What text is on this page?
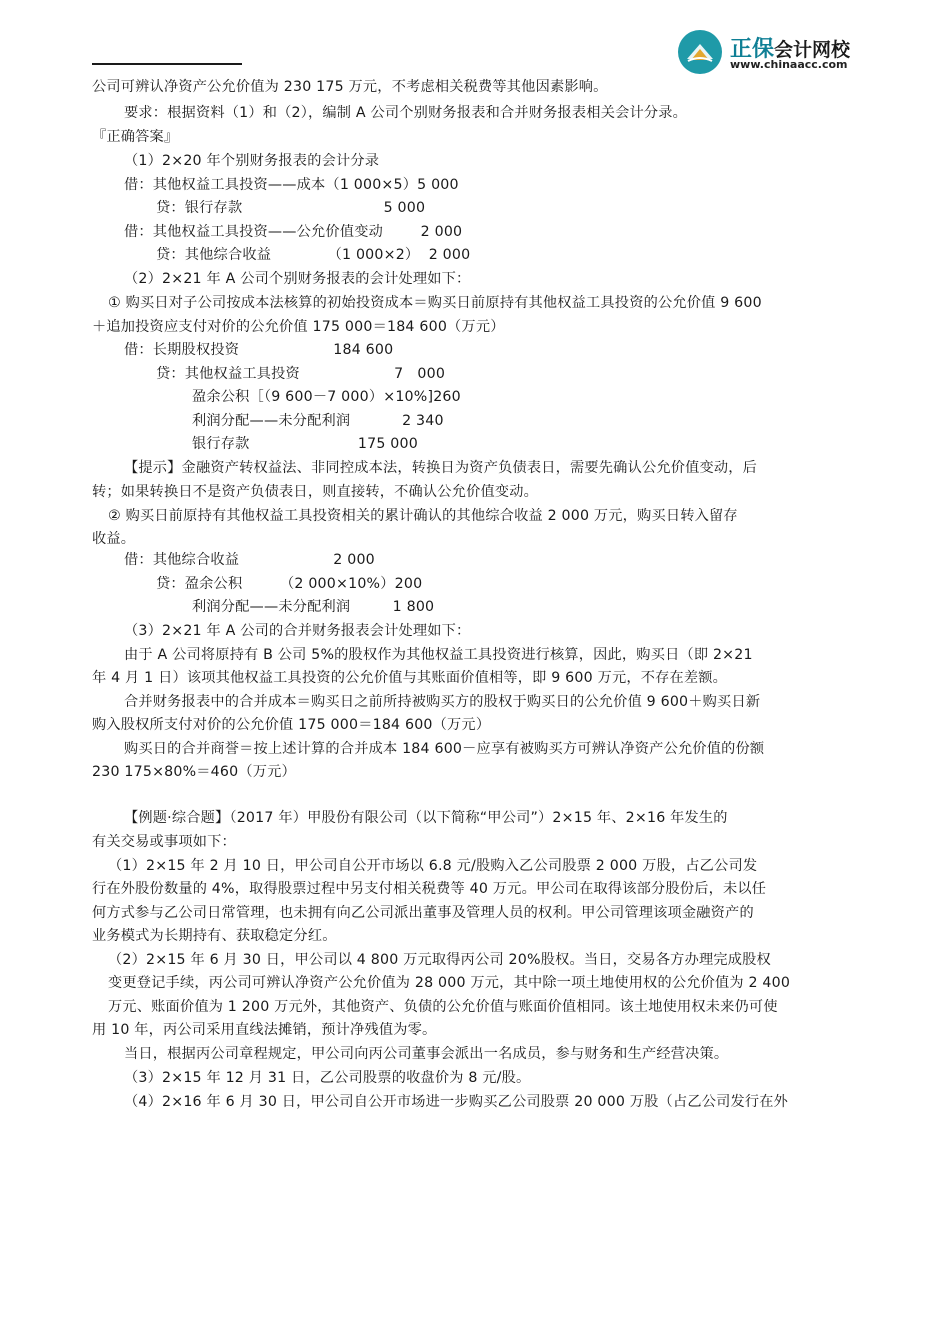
正保会计网校
www.chinaacc.com
公司可辨认净资产公允价值为 230 175 万元，不考虑相关税费等其他因素影响。
要求：根据资料（1）和（2），编制 A 公司个别财务报表和合并财务报表相关会计分录。
『正确答案』
（1）2×20 年个别财务报表的会计分录
借：其他权益工具投资——成本（1 000×5）5 000
贷：银行存款                              5 000
借：其他权益工具投资——公允价值变动        2 000
贷：其他综合收益            （1 000×2）  2 000
（2）2×21 年 A 公司个别财务报表的会计处理如下：
① 购买日对子公司按成本法核算的初始投资成本＝购买日前原持有其他权益工具投资的公允价值 9 600
＋追加投资应支付对价的公允价值 175 000＝184 600（万元）
借：长期股权投资                    184 600
贷：其他权益工具投资                    7   000
盈余公积［（9 600－7 000）×10%]260
利润分配——未分配利润           2 340
银行存款                       175 000
【提示】金融资产转权益法、非同控成本法，转换日为资产负债表日，需要先确认公允价值变动，后
转；如果转换日不是资产负债表日，则直接转，不确认公允价值变动。
② 购买日前原持有其他权益工具投资相关的累计确认的其他综合收益 2 000 万元，购买日转入留存
收益。
借：其他综合收益                    2 000
贷：盈余公积        （2 000×10%）200
利润分配——未分配利润         1 800
（3）2×21 年 A 公司的合并财务报表会计处理如下：
由于 A 公司将原持有 B 公司 5%的股权作为其他权益工具投资进行核算，因此，购买日（即 2×21
年 4 月 1 日）该项其他权益工具投资的公允价值与其账面价值相等，即 9 600 万元，不存在差额。
合并财务报表中的合并成本＝购买日之前所持被购买方的股权于购买日的公允价值 9 600＋购买日新
购入股权所支付对价的公允价值 175 000＝184 600（万元）
购买日的合并商誉＝按上述计算的合并成本 184 600－应享有被购买方可辨认净资产公允价值的份额
230 175×80%＝460（万元）
【例题·综合题】（2017 年）甲股份有限公司（以下简称“甲公司”）2×15 年、2×16 年发生的
有关交易或事项如下：
（1）2×15 年 2 月 10 日，甲公司自公开市场以 6.8 元/股购入乙公司股票 2 000 万股，占乙公司发
行在外股份数量的 4%，取得股票过程中另支付相关税费等 40 万元。甲公司在取得该部分股份后，未以任
何方式参与乙公司日常管理，也未拥有向乙公司派出董事及管理人员的权利。甲公司管理该项金融资产的
业务模式为长期持有、获取稳定分红。
（2）2×15 年 6 月 30 日，甲公司以 4 800 万元取得丙公司 20%股权。当日，交易各方办理完成股权
变更登记手续，丙公司可辨认净资产公允价值为 28 000 万元，其中除一项土地使用权的公允价值为 2 400
万元、账面价值为 1 200 万元外，其他资产、负债的公允价值与账面价值相同。该土地使用权未来仍可使
用 10 年，丙公司采用直线法摊销，预计净残值为零。
当日，根据丙公司章程规定，甲公司向丙公司董事会派出一名成员，参与财务和生产经营决策。
（3）2×15 年 12 月 31 日，乙公司股票的收盘价为 8 元/股。
（4）2×16 年 6 月 30 日，甲公司自公开市场进一步购买乙公司股票 20 000 万股（占乙公司发行在外
